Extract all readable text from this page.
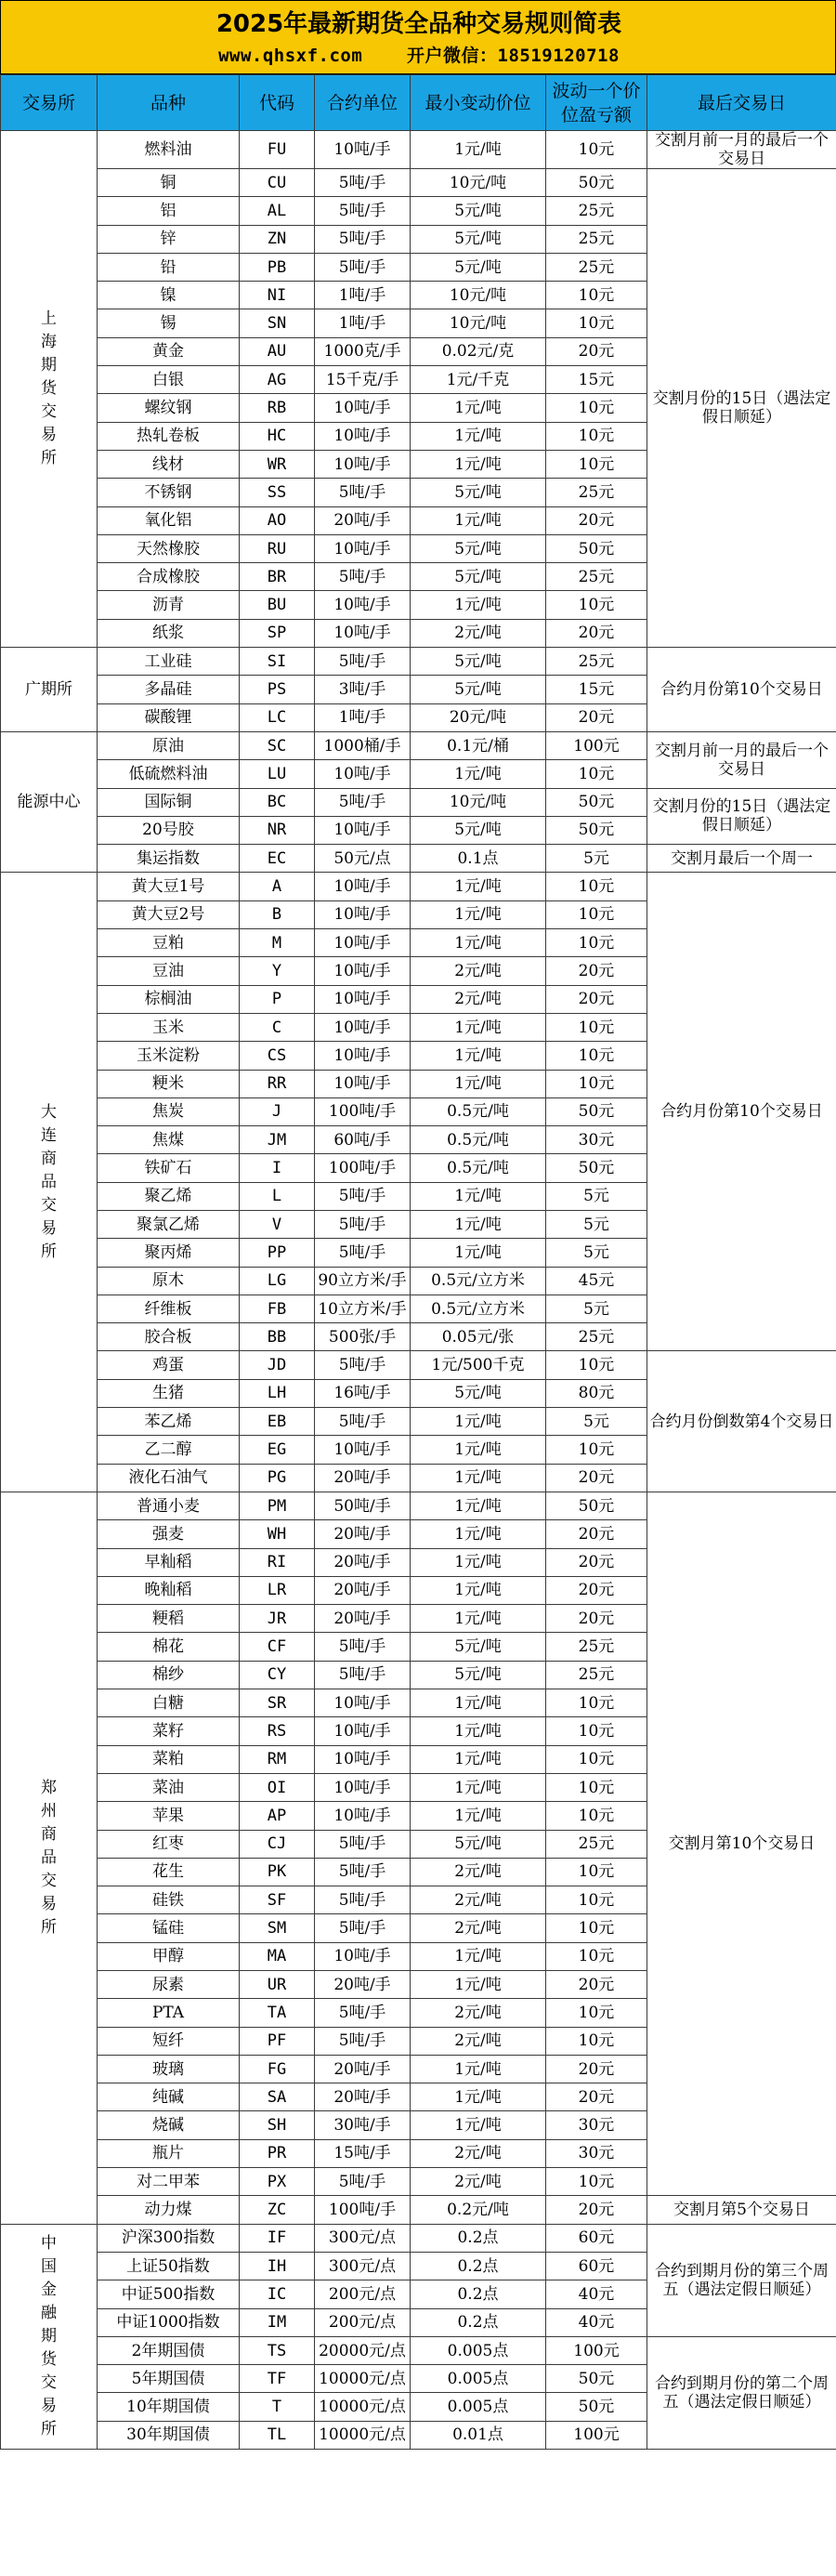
2025年最新期货全品种交易规则简表
www.qhsxf.com    开户微信：18519120718
交易所	品种	代码	合约单位	最小变动价位	波动一个价位盈亏额	最后交易日
上海期货交易所	燃料油	FU	10吨/手	1元/吨	10元	交割月前一月的最后一个交易日
	铜	CU	5吨/手	10元/吨	50元	交割月份的15日（遇法定假日顺延）
	铝	AL	5吨/手	5元/吨	25元	
	锌	ZN	5吨/手	5元/吨	25元	
	铅	PB	5吨/手	5元/吨	25元	
	镍	NI	1吨/手	10元/吨	10元	
	锡	SN	1吨/手	10元/吨	10元	
	黄金	AU	1000克/手	0.02元/克	20元	
	白银	AG	15千克/手	1元/千克	15元	
	螺纹钢	RB	10吨/手	1元/吨	10元	
	热轧卷板	HC	10吨/手	1元/吨	10元	
	线材	WR	10吨/手	1元/吨	10元	
	不锈钢	SS	5吨/手	5元/吨	25元	
	氧化铝	AO	20吨/手	1元/吨	20元	
	天然橡胶	RU	10吨/手	5元/吨	50元	
	合成橡胶	BR	5吨/手	5元/吨	25元	
	沥青	BU	10吨/手	1元/吨	10元	
	纸浆	SP	10吨/手	2元/吨	20元	
广期所	工业硅	SI	5吨/手	5元/吨	25元	合约月份第10个交易日
	多晶硅	PS	3吨/手	5元/吨	15元	
	碳酸锂	LC	1吨/手	20元/吨	20元	
能源中心	原油	SC	1000桶/手	0.1元/桶	100元	交割月前一月的最后一个交易日
	低硫燃料油	LU	10吨/手	1元/吨	10元	
	国际铜	BC	5吨/手	10元/吨	50元	交割月份的15日（遇法定假日顺延）
	20号胶	NR	10吨/手	5元/吨	50元	
	集运指数	EC	50元/点	0.1点	5元	交割月最后一个周一
大连商品交易所	黄大豆1号	A	10吨/手	1元/吨	10元	合约月份第10个交易日
	黄大豆2号	B	10吨/手	1元/吨	10元	
	豆粕	M	10吨/手	1元/吨	10元	
	豆油	Y	10吨/手	2元/吨	20元	
	棕榈油	P	10吨/手	2元/吨	20元	
	玉米	C	10吨/手	1元/吨	10元	
	玉米淀粉	CS	10吨/手	1元/吨	10元	
	粳米	RR	10吨/手	1元/吨	10元	
	焦炭	J	100吨/手	0.5元/吨	50元	
	焦煤	JM	60吨/手	0.5元/吨	30元	
	铁矿石	I	100吨/手	0.5元/吨	50元	
	聚乙烯	L	5吨/手	1元/吨	5元	
	聚氯乙烯	V	5吨/手	1元/吨	5元	
	聚丙烯	PP	5吨/手	1元/吨	5元	
	原木	LG	90立方米/手	0.5元/立方米	45元	
	纤维板	FB	10立方米/手	0.5元/立方米	5元	
	胶合板	BB	500张/手	0.05元/张	25元	
	鸡蛋	JD	5吨/手	1元/500千克	10元	合约月份倒数第4个交易日
	生猪	LH	16吨/手	5元/吨	80元	
	苯乙烯	EB	5吨/手	1元/吨	5元	
	乙二醇	EG	10吨/手	1元/吨	10元	
	液化石油气	PG	20吨/手	1元/吨	20元	
郑州商品交易所	普通小麦	PM	50吨/手	1元/吨	50元	交割月第10个交易日
	强麦	WH	20吨/手	1元/吨	20元	
	早籼稻	RI	20吨/手	1元/吨	20元	
	晚籼稻	LR	20吨/手	1元/吨	20元	
	粳稻	JR	20吨/手	1元/吨	20元	
	棉花	CF	5吨/手	5元/吨	25元	
	棉纱	CY	5吨/手	5元/吨	25元	
	白糖	SR	10吨/手	1元/吨	10元	
	菜籽	RS	10吨/手	1元/吨	10元	
	菜粕	RM	10吨/手	1元/吨	10元	
	菜油	OI	10吨/手	1元/吨	10元	
	苹果	AP	10吨/手	1元/吨	10元	
	红枣	CJ	5吨/手	5元/吨	25元	
	花生	PK	5吨/手	2元/吨	10元	
	硅铁	SF	5吨/手	2元/吨	10元	
	锰硅	SM	5吨/手	2元/吨	10元	
	甲醇	MA	10吨/手	1元/吨	10元	
	尿素	UR	20吨/手	1元/吨	20元	
	PTA	TA	5吨/手	2元/吨	10元	
	短纤	PF	5吨/手	2元/吨	10元	
	玻璃	FG	20吨/手	1元/吨	20元	
	纯碱	SA	20吨/手	1元/吨	20元	
	烧碱	SH	30吨/手	1元/吨	30元	
	瓶片	PR	15吨/手	2元/吨	30元	
	对二甲苯	PX	5吨/手	2元/吨	10元	
	动力煤	ZC	100吨/手	0.2元/吨	20元	交割月第5个交易日
中国金融期货交易所	沪深300指数	IF	300元/点	0.2点	60元	合约到期月份的第三个周五（遇法定假日顺延）
	上证50指数	IH	300元/点	0.2点	60元	
	中证500指数	IC	200元/点	0.2点	40元	
	中证1000指数	IM	200元/点	0.2点	40元	
	2年期国债	TS	20000元/点	0.005点	100元	合约到期月份的第二个周五（遇法定假日顺延）
	5年期国债	TF	10000元/点	0.005点	50元	
	10年期国债	T	10000元/点	0.005点	50元	
	30年期国债	TL	10000元/点	0.01点	100元	
